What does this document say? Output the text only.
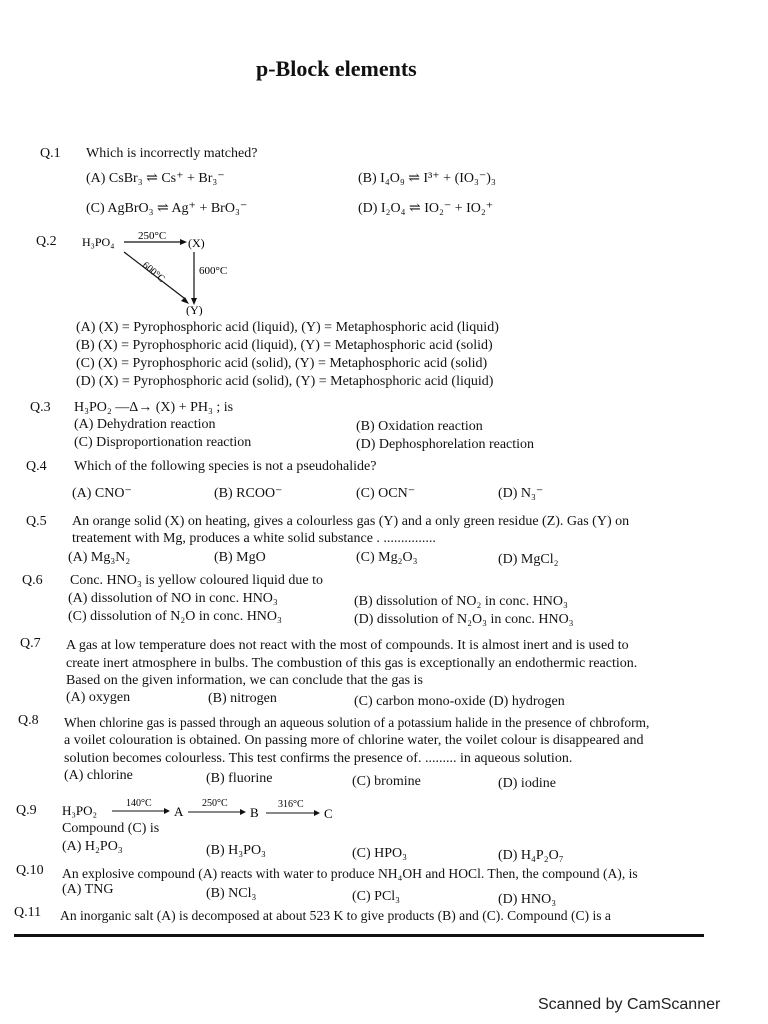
p-Block elements
Q.1 Which is incorrectly matched?
(A) CsBr₃ ⇌ Cs⁺ + Br₃⁻	(B) I₄O₉ ⇌ I³⁺ + (IO₃⁻)₃
(C) AgBrO₃ ⇌ Ag⁺ + BrO₃⁻	(D) I₂O₄ ⇌ IO₂⁻ + IO₂⁺
Q.2 H₃PO₄ 250°C (X)
600°C
600°C
(Y)
(A) (X) = Pyrophosphoric acid (liquid), (Y) = Metaphosphoric acid (liquid)
(B) (X) = Pyrophosphoric acid (liquid), (Y) = Metaphosphoric acid (solid)
(C) (X) = Pyrophosphoric acid (solid), (Y) = Metaphosphoric acid (solid)
(D) (X) = Pyrophosphoric acid (solid), (Y) = Metaphosphoric acid (liquid)
Q.3 H₃PO₂ —Δ→ (X) + PH₃ ; is
(A) Dehydration reaction	(B) Oxidation reaction
(C) Disproportionation reaction	(D) Dephosphorelation reaction
Q.4 Which of the following species is not a pseudohalide?
(A) CNO⁻	(B) RCOO⁻	(C) OCN⁻	(D) N₃⁻
Q.5 An orange solid (X) on heating, gives a colourless gas (Y) and a only green residue (Z). Gas (Y) on
treatement with Mg, produces a white solid substance . ...............
(A) Mg₃N₂	(B) MgO	(C) Mg₂O₃	(D) MgCl₂
Q.6 Conc. HNO₃ is yellow coloured liquid due to
(A) dissolution of NO in conc. HNO₃	(B) dissolution of NO₂ in conc. HNO₃
(C) dissolution of N₂O in conc. HNO₃	(D) dissolution of N₂O₃ in conc. HNO₃
Q.7 A gas at low temperature does not react with the most of compounds. It is almost inert and is used to
create inert atmosphere in bulbs. The combustion of this gas is exceptionally an endothermic reaction.
Based on the given information, we can conclude that the gas is
(A) oxygen	(B) nitrogen	(C) carbon mono-oxide (D) hydrogen
Q.8 When chlorine gas is passed through an aqueous solution of a potassium halide in the presence of chbroform,
a voilet colouration is obtained. On passing more of chlorine water, the voilet colour is disappeared and
solution becomes colourless. This test confirms the presence of. ......... in aqueous solution.
(A) chlorine	(B) fluorine	(C) bromine	(D) iodine
Q.9 H₃PO₂	140°C
A
250°C
B
316°C
C
Compound (C) is
(A) H₂PO₃	(B) H₃PO₃	(C) HPO₃	(D) H₄P₂O₇
Q.10 An explosive compound (A) reacts with water to produce NH₄OH and HOCl. Then, the compound (A), is
(A) TNG	(B) NCl₃	(C) PCl₃	(D) HNO₃
Q.11 An inorganic salt (A) is decomposed at about 523 K to give products (B) and (C). Compound (C) is a
Scanned by CamScanner
